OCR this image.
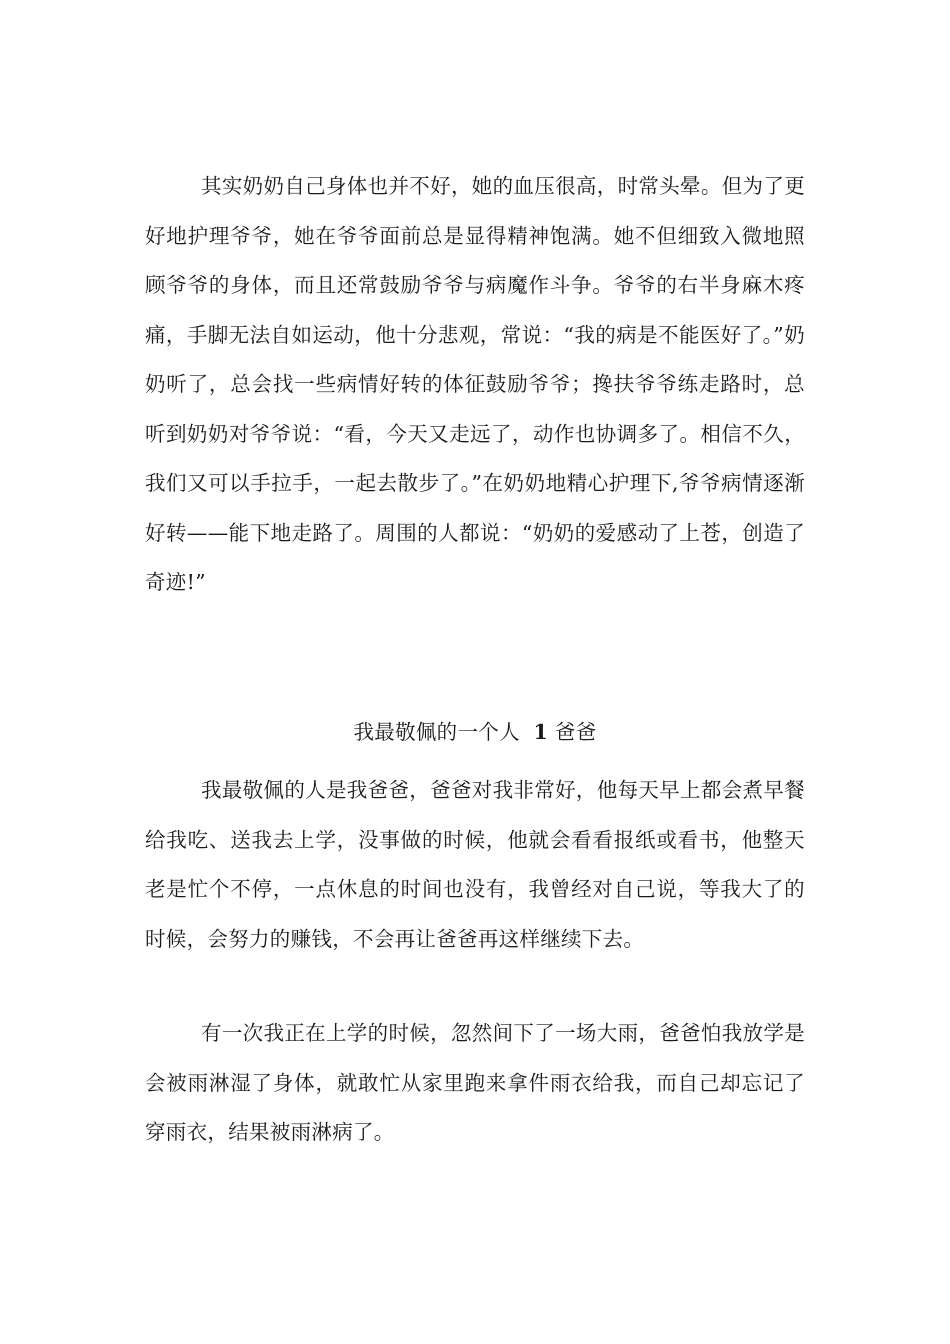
其实奶奶自己身体也并不好，她的血压很高，时常头晕。但为了更好地护理爷爷，她在爷爷面前总是显得精神饱满。她不但细致入微地照顾爷爷的身体，而且还常鼓励爷爷与病魔作斗争。爷爷的右半身麻木疼痛，手脚无法自如运动，他十分悲观，常说：“我的病是不能医好了。”奶奶听了，总会找一些病情好转的体征鼓励爷爷；搀扶爷爷练走路时，总听到奶奶对爷爷说：“看，今天又走远了，动作也协调多了。相信不久，我们又可以手拉手，一起去散步了。”在奶奶地精心护理下,爷爷病情逐渐好转——能下地走路了。周围的人都说：“奶奶的爱感动了上苍，创造了奇迹!”

我最敬佩的一个人 1 爸爸

我最敬佩的人是我爸爸，爸爸对我非常好，他每天早上都会煮早餐给我吃、送我去上学，没事做的时候，他就会看看报纸或看书，他整天老是忙个不停，一点休息的时间也没有，我曾经对自己说，等我大了的时候，会努力的赚钱，不会再让爸爸再这样继续下去。

有一次我正在上学的时候，忽然间下了一场大雨，爸爸怕我放学是会被雨淋湿了身体，就敢忙从家里跑来拿件雨衣给我，而自己却忘记了穿雨衣，结果被雨淋病了。
